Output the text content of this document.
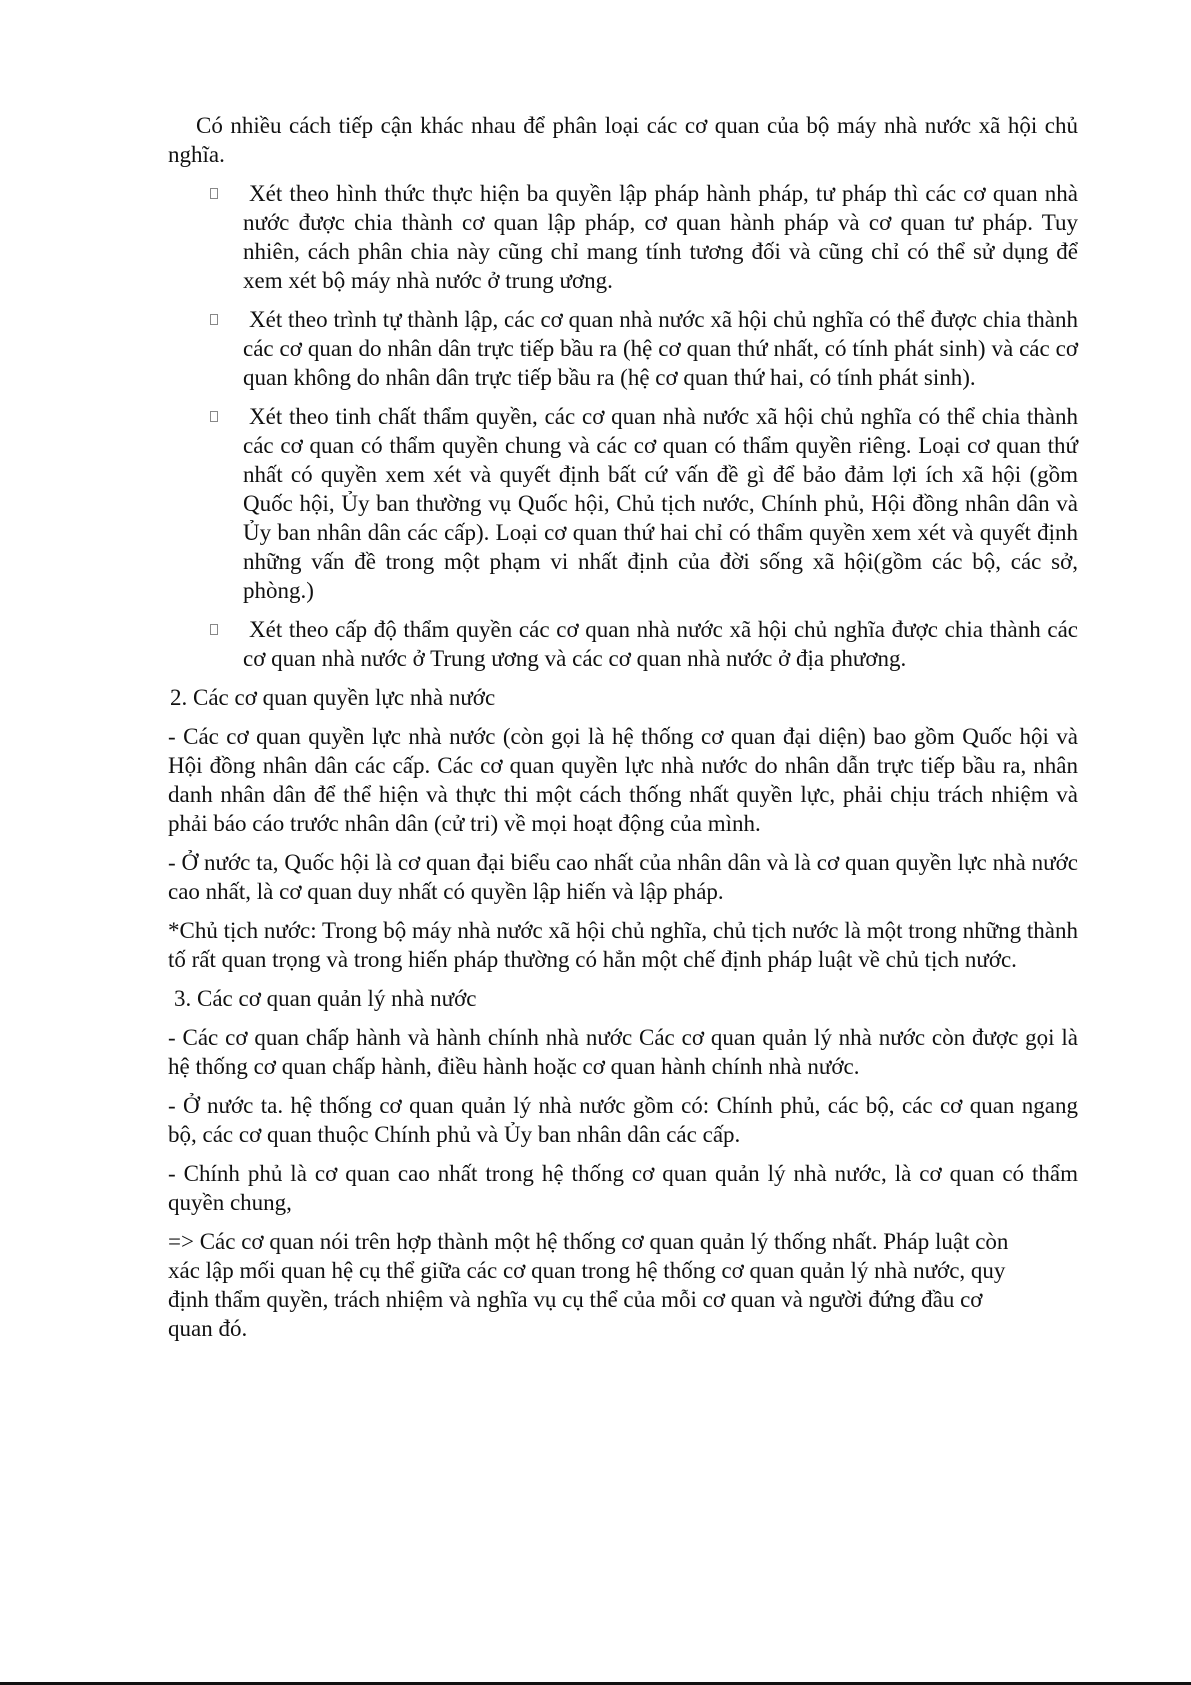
Có nhiều cách tiếp cận khác nhau để phân loại các cơ quan của bộ máy nhà nước xã hội chủ nghĩa.

Xét theo hình thức thực hiện ba quyền lập pháp hành pháp, tư pháp thì các cơ quan nhà nước được chia thành cơ quan lập pháp, cơ quan hành pháp và cơ quan tư pháp. Tuy nhiên, cách phân chia này cũng chỉ mang tính tương đối và cũng chỉ có thể sử dụng để xem xét bộ máy nhà nước ở trung ương.
Xét theo trình tự thành lập, các cơ quan nhà nước xã hội chủ nghĩa có thể được chia thành các cơ quan do nhân dân trực tiếp bầu ra (hệ cơ quan thứ nhất, có tính phát sinh) và các cơ quan không do nhân dân trực tiếp bầu ra (hệ cơ quan thứ hai, có tính phát sinh).
Xét theo tinh chất thẩm quyền, các cơ quan nhà nước xã hội chủ nghĩa có thể chia thành các cơ quan có thẩm quyền chung và các cơ quan có thẩm quyền riêng. Loại cơ quan thứ nhất có quyền xem xét và quyết định bất cứ vấn đề gì để bảo đảm lợi ích xã hội (gồm Quốc hội, Ủy ban thường vụ Quốc hội, Chủ tịch nước, Chính phủ, Hội đồng nhân dân và Ủy ban nhân dân các cấp). Loại cơ quan thứ hai chỉ có thẩm quyền xem xét và quyết định những vấn đề trong một phạm vi nhất định của đời sống xã hội(gồm các bộ, các sở, phòng.)
Xét theo cấp độ thẩm quyền các cơ quan nhà nước xã hội chủ nghĩa được chia thành các cơ quan nhà nước ở Trung ương và các cơ quan nhà nước ở địa phương.

2. Các cơ quan quyền lực nhà nước

- Các cơ quan quyền lực nhà nước (còn gọi là hệ thống cơ quan đại diện) bao gồm Quốc hội và Hội đồng nhân dân các cấp. Các cơ quan quyền lực nhà nước do nhân dẫn trực tiếp bầu ra, nhân danh nhân dân để thể hiện và thực thi một cách thống nhất quyền lực, phải chịu trách nhiệm và phải báo cáo trước nhân dân (cử tri) về mọi hoạt động của mình.

- Ở nước ta, Quốc hội là cơ quan đại biểu cao nhất của nhân dân và là cơ quan quyền lực nhà nước cao nhất, là cơ quan duy nhất có quyền lập hiến và lập pháp.

*Chủ tịch nước: Trong bộ máy nhà nước xã hội chủ nghĩa, chủ tịch nước là một trong những thành tố rất quan trọng và trong hiến pháp thường có hẳn một chế định pháp luật về chủ tịch nước.

3. Các cơ quan quản lý nhà nước

- Các cơ quan chấp hành và hành chính nhà nước Các cơ quan quản lý nhà nước còn được gọi là hệ thống cơ quan chấp hành, điều hành hoặc cơ quan hành chính nhà nước.

- Ở nước ta. hệ thống cơ quan quản lý nhà nước gồm có: Chính phủ, các bộ, các cơ quan ngang bộ, các cơ quan thuộc Chính phủ và Ủy ban nhân dân các cấp.

- Chính phủ là cơ quan cao nhất trong hệ thống cơ quan quản lý nhà nước, là cơ quan có thẩm quyền chung,

=> Các cơ quan nói trên hợp thành một hệ thống cơ quan quản lý thống nhất. Pháp luật còn xác lập mối quan hệ cụ thể giữa các cơ quan trong hệ thống cơ quan quản lý nhà nước, quy định thẩm quyền, trách nhiệm và nghĩa vụ cụ thể của mỗi cơ quan và người đứng đầu cơ quan đó.
